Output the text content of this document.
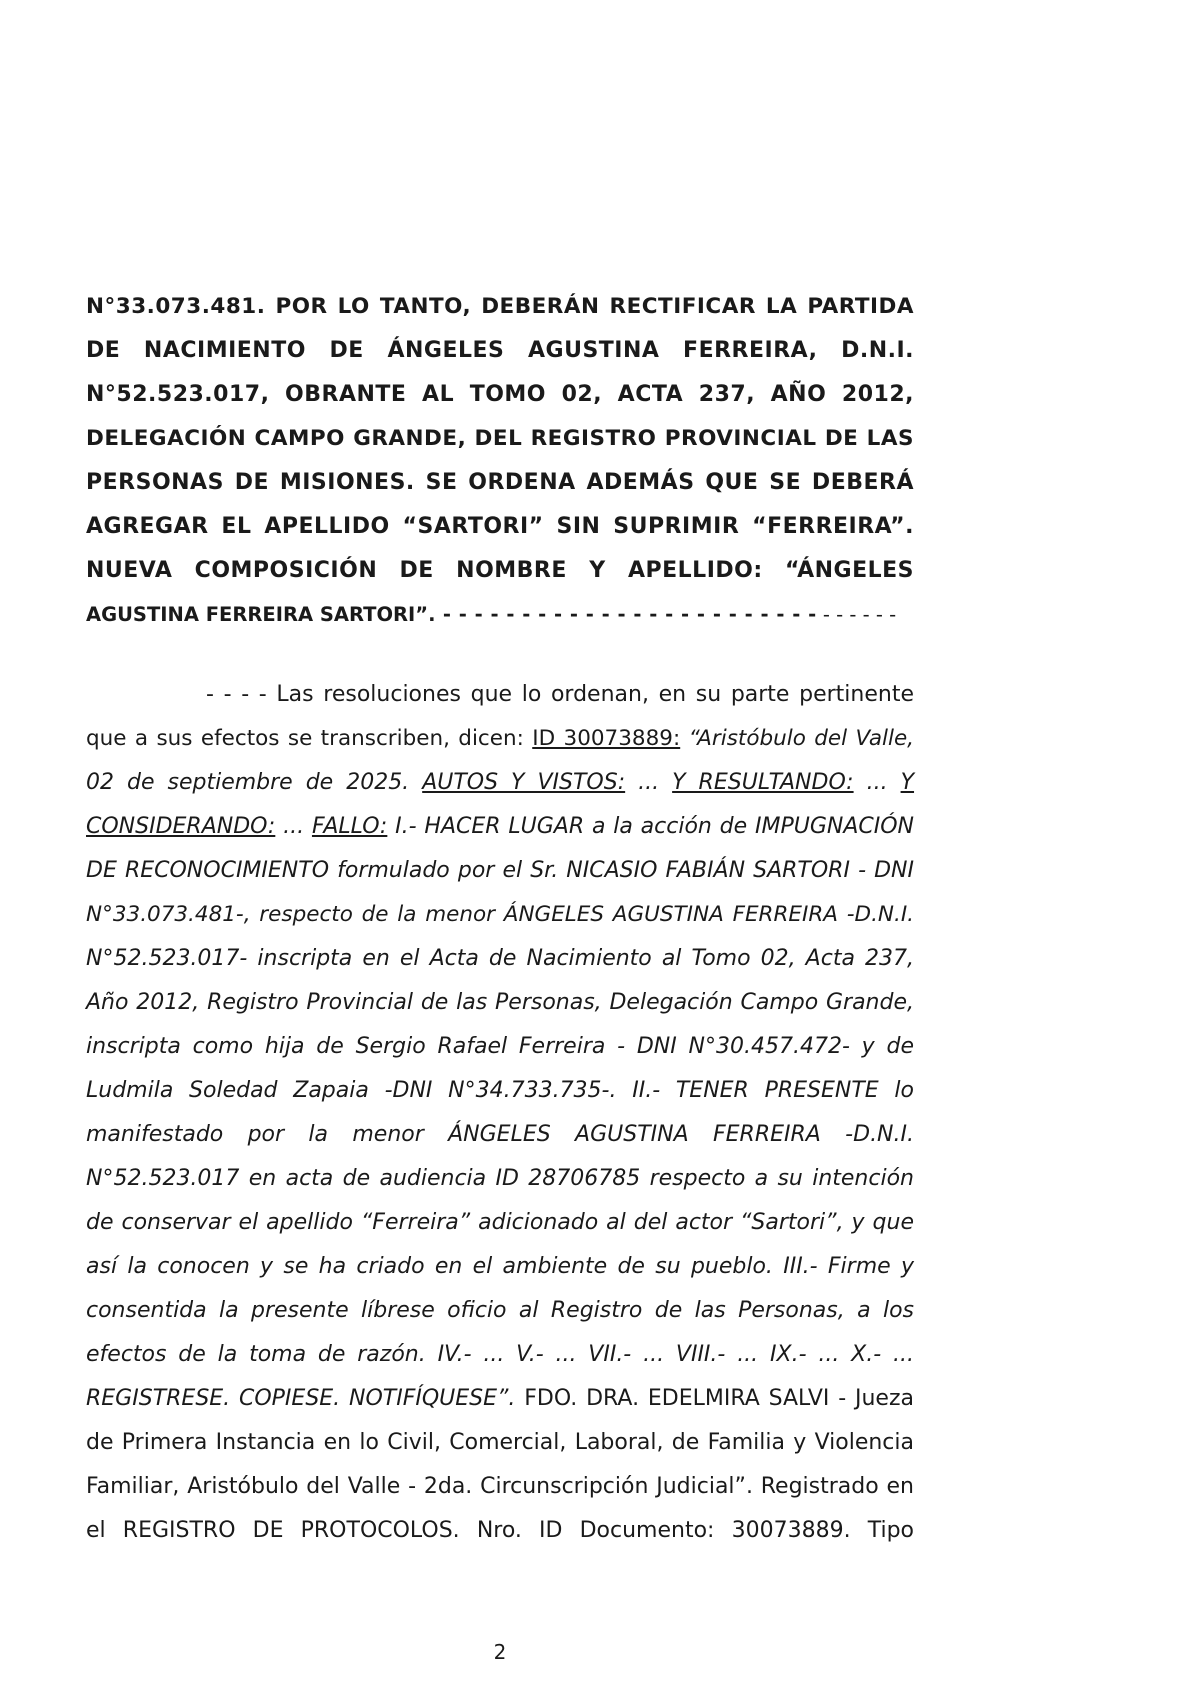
N°33.073.481. POR LO TANTO, DEBERÁN RECTIFICAR LA PARTIDA
DE NACIMIENTO DE ÁNGELES AGUSTINA FERREIRA, D.N.I.
N°52.523.017, OBRANTE AL TOMO 02, ACTA 237, AÑO 2012,
DELEGACIÓN CAMPO GRANDE, DEL REGISTRO PROVINCIAL DE LAS
PERSONAS DE MISIONES. SE ORDENA ADEMÁS QUE SE DEBERÁ
AGREGAR EL APELLIDO “SARTORI” SIN SUPRIMIR “FERREIRA”.
NUEVA COMPOSICIÓN DE NOMBRE Y APELLIDO: “ÁNGELES
AGUSTINA FERREIRA SARTORI”. - - - - - - - - - - - - - - - - - - - - - - - - - - - - - -
- - - - Las resoluciones que lo ordenan, en su parte pertinente
que a sus efectos se transcriben, dicen: ID 30073889: “Aristóbulo del Valle,
02 de septiembre de 2025. AUTOS Y VISTOS: ... Y RESULTANDO: ... Y
CONSIDERANDO: ... FALLO: I.- HACER LUGAR a la acción de IMPUGNACIÓN
DE RECONOCIMIENTO formulado por el Sr. NICASIO FABIÁN SARTORI - DNI
N°33.073.481-, respecto de la menor ÁNGELES AGUSTINA FERREIRA -D.N.I.
N°52.523.017- inscripta en el Acta de Nacimiento al Tomo 02, Acta 237,
Año 2012, Registro Provincial de las Personas, Delegación Campo Grande,
inscripta como hija de Sergio Rafael Ferreira - DNI N°30.457.472- y de
Ludmila Soledad Zapaia -DNI N°34.733.735-. II.- TENER PRESENTE lo
manifestado por la menor ÁNGELES AGUSTINA FERREIRA -D.N.I.
N°52.523.017 en acta de audiencia ID 28706785 respecto a su intención
de conservar el apellido “Ferreira” adicionado al del actor “Sartori”, y que
así la conocen y se ha criado en el ambiente de su pueblo. III.- Firme y
consentida la presente líbrese oficio al Registro de las Personas, a los
efectos de la toma de razón. IV.- ... V.- ... VII.- ... VIII.- ... IX.- ... X.- ...
REGISTRESE. COPIESE. NOTIFÍQUESE”. FDO. DRA. EDELMIRA SALVI - Jueza
de Primera Instancia en lo Civil, Comercial, Laboral, de Familia y Violencia
Familiar, Aristóbulo del Valle - 2da. Circunscripción Judicial”. Registrado en
el REGISTRO DE PROTOCOLOS. Nro. ID Documento: 30073889. Tipo
2
